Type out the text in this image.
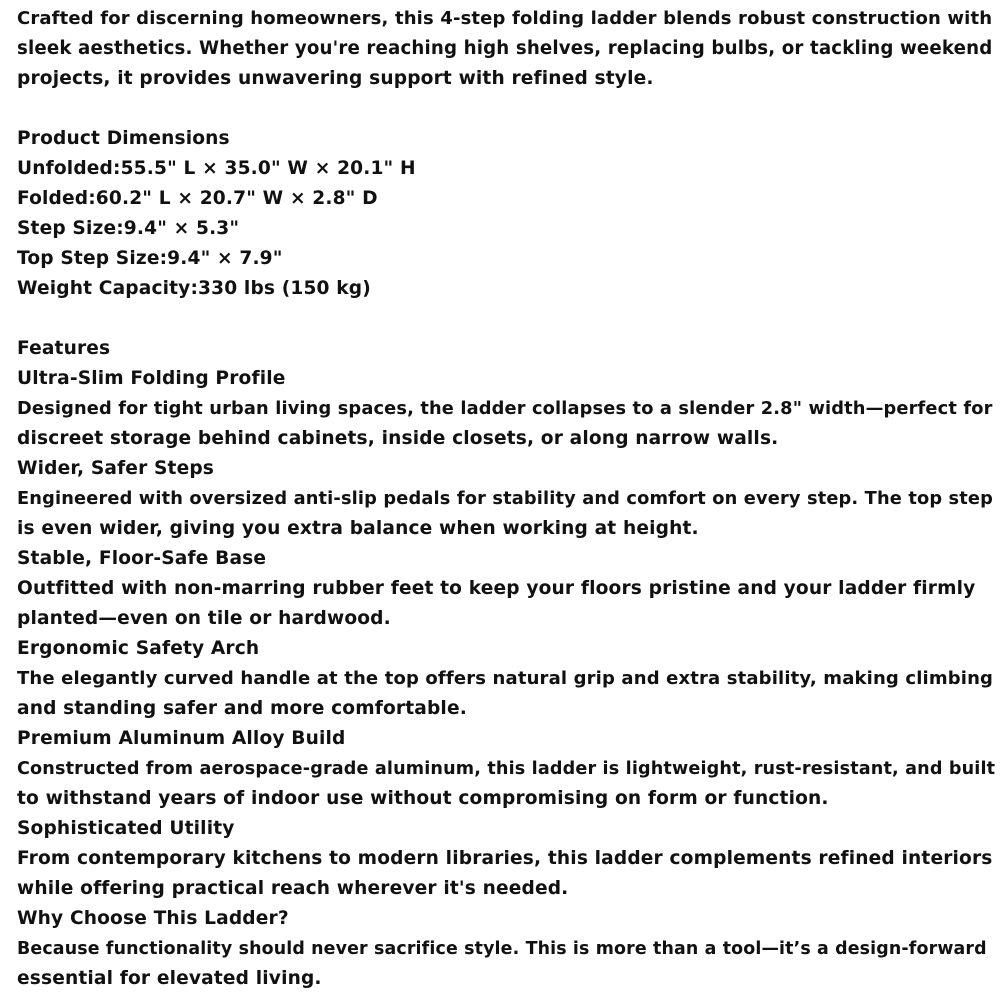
Crafted for discerning homeowners, this 4-step folding ladder blends robust construction with
sleek aesthetics. Whether you're reaching high shelves, replacing bulbs, or tackling weekend
projects, it provides unwavering support with refined style.
Product Dimensions
Unfolded:55.5" L × 35.0" W × 20.1" H
Folded:60.2" L × 20.7" W × 2.8" D
Step Size:9.4" × 5.3"
Top Step Size:9.4" × 7.9"
Weight Capacity:330 lbs (150 kg)
Features
Ultra-Slim Folding Profile
Designed for tight urban living spaces, the ladder collapses to a slender 2.8" width—perfect for
discreet storage behind cabinets, inside closets, or along narrow walls.
Wider, Safer Steps
Engineered with oversized anti-slip pedals for stability and comfort on every step. The top step
is even wider, giving you extra balance when working at height.
Stable, Floor-Safe Base
Outfitted with non-marring rubber feet to keep your floors pristine and your ladder firmly
planted—even on tile or hardwood.
Ergonomic Safety Arch
The elegantly curved handle at the top offers natural grip and extra stability, making climbing
and standing safer and more comfortable.
Premium Aluminum Alloy Build
Constructed from aerospace-grade aluminum, this ladder is lightweight, rust-resistant, and built
to withstand years of indoor use without compromising on form or function.
Sophisticated Utility
From contemporary kitchens to modern libraries, this ladder complements refined interiors
while offering practical reach wherever it's needed.
Why Choose This Ladder?
Because functionality should never sacrifice style. This is more than a tool—it’s a design-forward
essential for elevated living.
